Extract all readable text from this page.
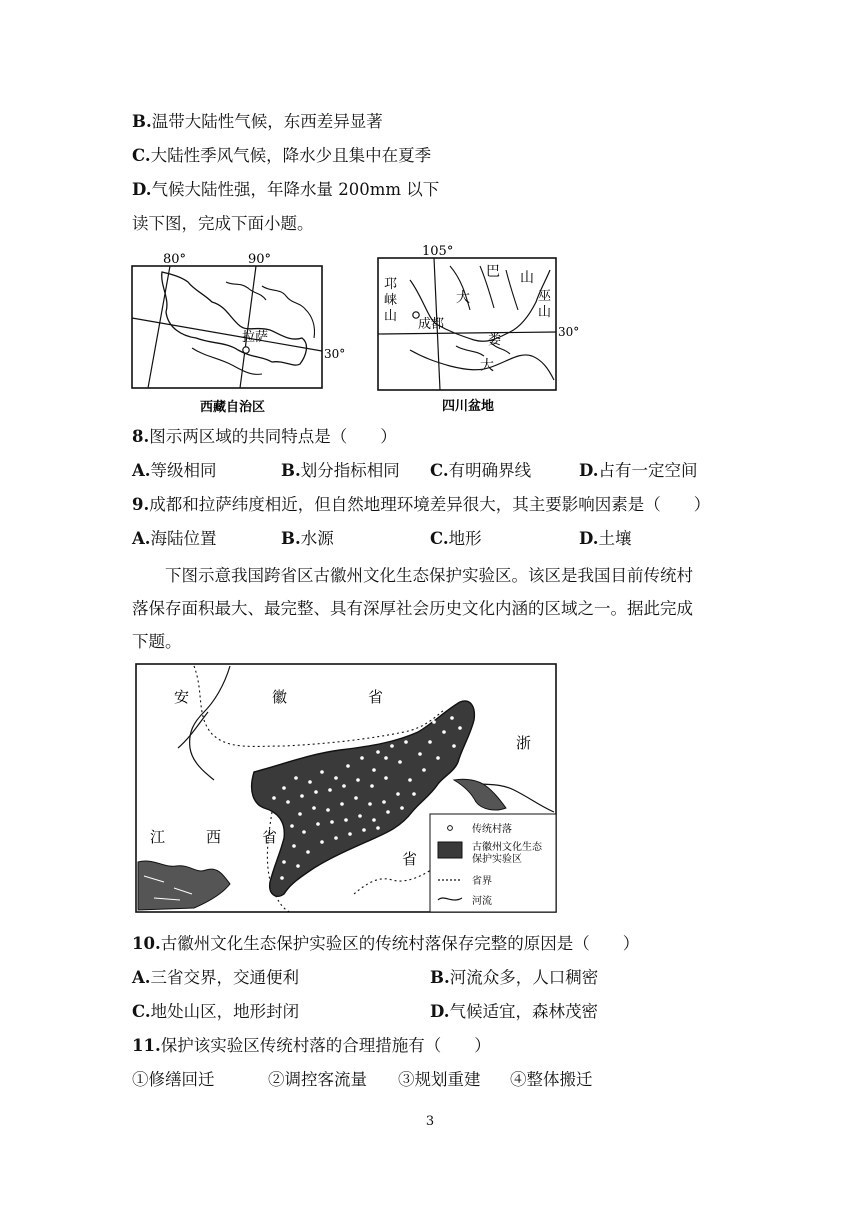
B.温带大陆性气候，东西差异显著
C.大陆性季风气候，降水少且集中在夏季
D.气候大陆性强，年降水量 200mm 以下
读下图，完成下面小题。
80°	90°
拉萨
30°
西藏自治区
105°
成都
邛
崃
山
大
巴 山
巫
山
娄
大
30°
四川盆地
8.图示两区域的共同特点是（　　）
A.等级相同	B.划分指标相同 C.有明确界线	D.占有一定空间
9.成都和拉萨纬度相近，但自然地理环境差异很大，其主要影响因素是（　　）
A.海陆位置	B.水源	C.地形	D.土壤
下图示意我国跨省区古徽州文化生态保护实验区。该区是我国目前传统村
落保存面积最大、最完整、具有深厚社会历史文化内涵的区域之一。据此完成
下题。
安	徽	省
浙
江	西	省
省
传统村落
古徽州文化生态
保护实验区
省界
河流
10.古徽州文化生态保护实验区的传统村落保存完整的原因是（　　）
A.三省交界，交通便利	B.河流众多，人口稠密
C.地处山区，地形封闭	D.气候适宜，森林茂密
11.保护该实验区传统村落的合理措施有（　　）
①修缮回迁	②调控客流量 ③规划重建 ④整体搬迁
3
